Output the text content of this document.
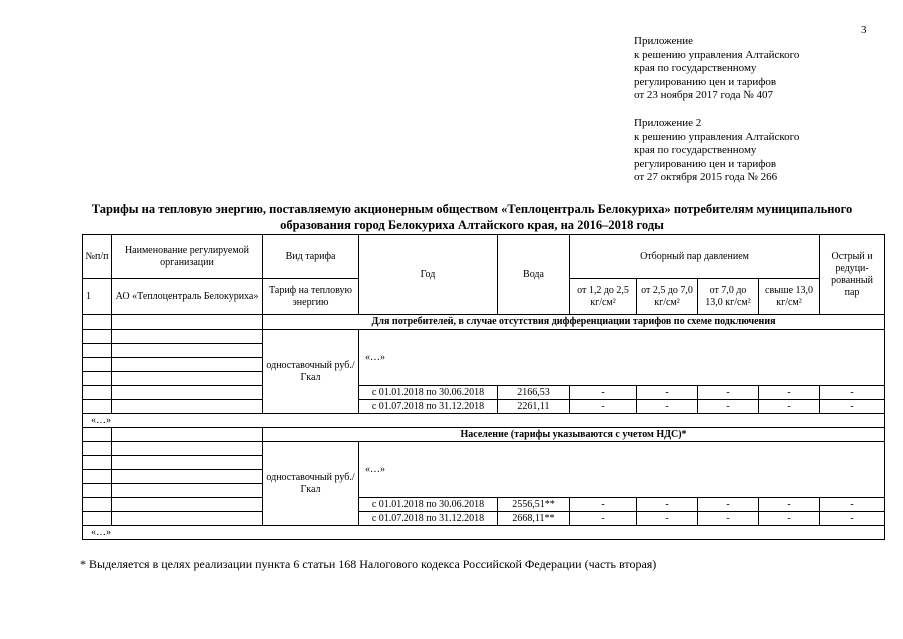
3
Приложение
к решению управления Алтайского
края по государственному
регулированию цен и тарифов
от 23 ноября 2017 года № 407
Приложение 2
к решению управления Алтайского
края по государственному
регулированию цен и тарифов
от 27 октября 2015 года № 266
Тарифы на тепловую энергию, поставляемую акционерным обществом «Теплоцентраль Белокуриха» потребителям муниципального
образования город Белокуриха Алтайского края, на 2016–2018 годы
№п/п	Наименование регулируемой организации	Вид тарифа	Год	Вода	Отборный пар давлением				Острый и редуци-рованный пар
1	АО «Теплоцентраль Белокуриха»	Тариф на тепловую энергию			от 1,2 до 2,5 кг/см²	от 2,5 до 7,0 кг/см²	от 7,0 до 13,0 кг/см²	свыше 13,0 кг/см²	
		Для потребителей, в случае отсутствия дифференциации тарифов по схеме подключения							
		одноставочный руб./Гкал	«…»						

			с 01.01.2018 по 30.06.2018	2166,53	-	-	-	-	-
			с 01.07.2018 по 31.12.2018	2261,11	-	-	-	-	-
«…»									
		Население (тарифы указываются с учетом НДС)*							
		одноставочный руб./Гкал	«…»						

			с 01.01.2018 по 30.06.2018	2556,51**	-	-	-	-	-
			с 01.07.2018 по 31.12.2018	2668,11**	-	-	-	-	-
«…»									
* Выделяется в целях реализации пункта 6 статьи 168 Налогового кодекса Российской Федерации (часть вторая)
